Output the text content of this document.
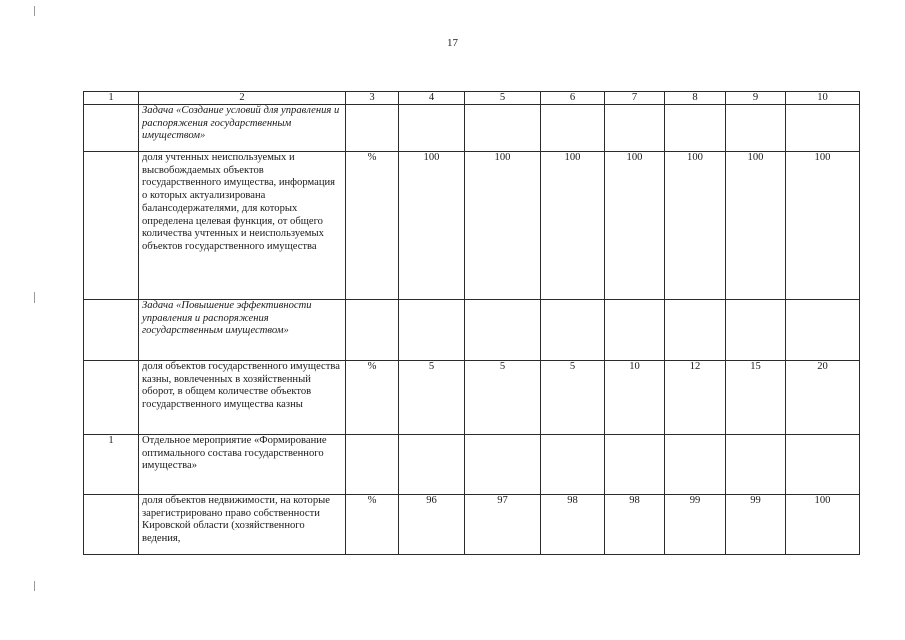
17
1	2	3	4	5	6	7	8	9	10
	Задача «Создание условий для управления и распоряжения государственным имуществом»								
	доля учтенных неиспользуемых и высвобождаемых объектов государственного имущества, информация о которых актуализирована балансодержателями, для которых определена целевая функция, от общего количества учтенных и неиспользуемых объектов государственного имущества	%	100	100	100	100	100	100	100
	Задача «Повышение эффективности управления и распоряжения государственным имуществом»								
	доля объектов государственного имущества казны, вовлеченных в хозяйственный оборот, в общем количестве объектов государственного имущества казны	%	5	5	5	10	12	15	20
1	Отдельное мероприятие «Формирование оптимального состава государственного имущества»								
	доля объектов недвижимости, на которые зарегистрировано право собственности Кировской области (хозяйственного ведения,	%	96	97	98	98	99	99	100
